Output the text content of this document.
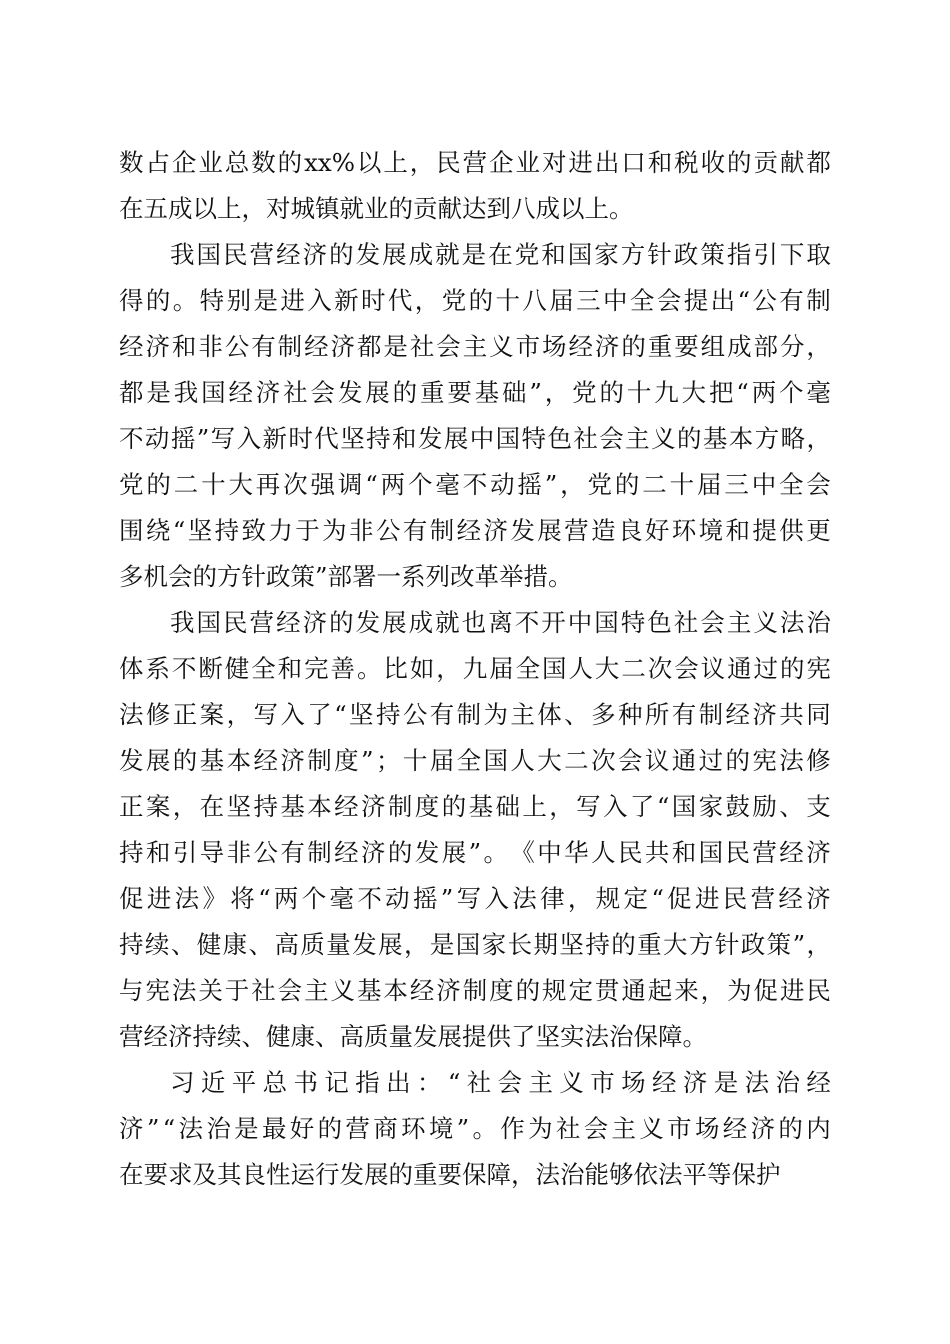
数 占 企 业 总 数 的 xx% 以 上 ， 民 营 企 业 对 进 出 口 和 税 收 的 贡 献 都
在五成以上，对城镇就业的贡献达到八成以上。
我 国 民 营 经 济 的 发 展 成 就 是 在 党 和 国 家 方 针 政 策 指 引 下 取
得 的 。 特 别 是 进 入 新 时 代 ， 党 的 十 八 届 三 中 全 会 提 出 “ 公 有 制
经 济 和 非 公 有 制 经 济 都 是 社 会 主 义 市 场 经 济 的 重 要 组 成 部 分 ，
都 是 我 国 经 济 社 会 发 展 的 重 要 基 础 ” ， 党 的 十 九 大 把 “ 两 个 毫
不 动 摇 ” 写 入 新 时 代 坚 持 和 发 展 中 国 特 色 社 会 主 义 的 基 本 方 略 ，
党 的 二 十 大 再 次 强 调 “ 两 个 毫 不 动 摇 ” ， 党 的 二 十 届 三 中 全 会
围 绕 “ 坚 持 致 力 于 为 非 公 有 制 经 济 发 展 营 造 良 好 环 境 和 提 供 更
多机会的方针政策”部署一系列改革举措。
我 国 民 营 经 济 的 发 展 成 就 也 离 不 开 中 国 特 色 社 会 主 义 法 治
体 系 不 断 健 全 和 完 善 。 比 如 ， 九 届 全 国 人 大 二 次 会 议 通 过 的 宪
法 修 正 案 ， 写 入 了 “ 坚 持 公 有 制 为 主 体 、 多 种 所 有 制 经 济 共 同
发 展 的 基 本 经 济 制 度 ” ； 十 届 全 国 人 大 二 次 会 议 通 过 的 宪 法 修
正 案 ， 在 坚 持 基 本 经 济 制 度 的 基 础 上 ， 写 入 了 “ 国 家 鼓 励 、 支
持 和 引 导 非 公 有 制 经 济 的 发 展 ” 。 《 中 华 人 民 共 和 国 民 营 经 济
促 进 法 》 将 “ 两 个 毫 不 动 摇 ” 写 入 法 律 ， 规 定 “ 促 进 民 营 经 济
持 续 、 健 康 、 高 质 量 发 展 ， 是 国 家 长 期 坚 持 的 重 大 方 针 政 策 ” ，
与 宪 法 关 于 社 会 主 义 基 本 经 济 制 度 的 规 定 贯 通 起 来 ， 为 促 进 民
营经济持续、健康、高质量发展提供了坚实法治保障。
习 近 平 总 书 记 指 出 ： “ 社 会 主 义 市 场 经 济 是 法 治 经
济 ” “ 法 治 是 最 好 的 营 商 环 境 ” 。 作 为 社 会 主 义 市 场 经 济 的 内
在要求及其良性运行发展的重要保障，法治能够依法平等保护
